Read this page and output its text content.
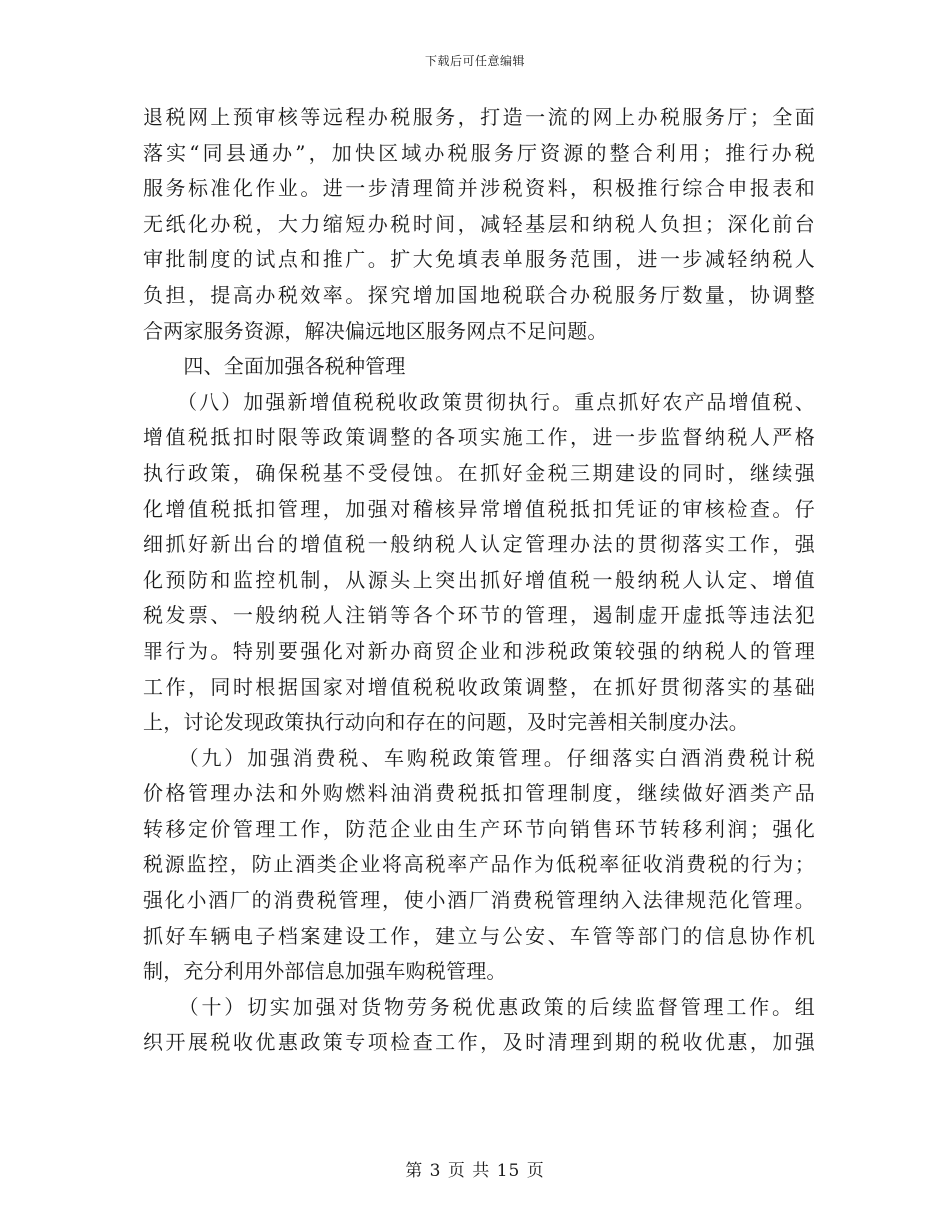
下载后可任意编辑
退税网上预审核等远程办税服务，打造一流的网上办税服务厅；全面
落实“同县通办”，加快区域办税服务厅资源的整合利用；推行办税
服务标准化作业。进一步清理简并涉税资料，积极推行综合申报表和
无纸化办税，大力缩短办税时间，减轻基层和纳税人负担；深化前台
审批制度的试点和推广。扩大免填表单服务范围，进一步减轻纳税人
负担，提高办税效率。探究增加国地税联合办税服务厅数量，协调整
合两家服务资源，解决偏远地区服务网点不足问题。
　　四、全面加强各税种管理
　　（八）加强新增值税税收政策贯彻执行。重点抓好农产品增值税、
增值税抵扣时限等政策调整的各项实施工作，进一步监督纳税人严格
执行政策，确保税基不受侵蚀。在抓好金税三期建设的同时，继续强
化增值税抵扣管理，加强对稽核异常增值税抵扣凭证的审核检查。仔
细抓好新出台的增值税一般纳税人认定管理办法的贯彻落实工作，强
化预防和监控机制，从源头上突出抓好增值税一般纳税人认定、增值
税发票、一般纳税人注销等各个环节的管理，遏制虚开虚抵等违法犯
罪行为。特别要强化对新办商贸企业和涉税政策较强的纳税人的管理
工作，同时根据国家对增值税税收政策调整，在抓好贯彻落实的基础
上，讨论发现政策执行动向和存在的问题，及时完善相关制度办法。
　　（九）加强消费税、车购税政策管理。仔细落实白酒消费税计税
价格管理办法和外购燃料油消费税抵扣管理制度，继续做好酒类产品
转移定价管理工作，防范企业由生产环节向销售环节转移利润；强化
税源监控，防止酒类企业将高税率产品作为低税率征收消费税的行为；
强化小酒厂的消费税管理，使小酒厂消费税管理纳入法律规范化管理。
抓好车辆电子档案建设工作，建立与公安、车管等部门的信息协作机
制，充分利用外部信息加强车购税管理。
　　（十）切实加强对货物劳务税优惠政策的后续监督管理工作。组
织开展税收优惠政策专项检查工作，及时清理到期的税收优惠，加强
第 3 页 共 15 页
